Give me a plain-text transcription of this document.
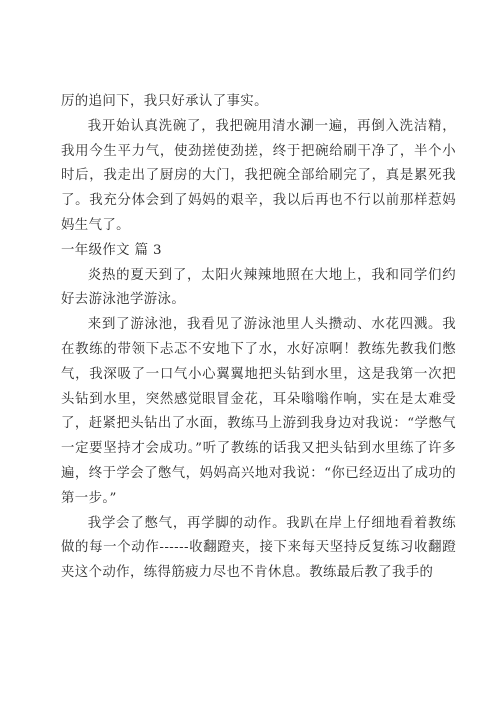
厉的追问下，我只好承认了事实。

我开始认真洗碗了，我把碗用清水涮一遍，再倒入洗洁精，我用今生平力气，使劲搓使劲搓，终于把碗给刷干净了，半个小时后，我走出了厨房的大门，我把碗全部给刷完了，真是累死我了。我充分体会到了妈妈的艰辛，我以后再也不行以前那样惹妈妈生气了。

一年级作文 篇 3

炎热的夏天到了，太阳火辣辣地照在大地上，我和同学们约好去游泳池学游泳。

来到了游泳池，我看见了游泳池里人头攒动、水花四溅。我在教练的带领下忐忑不安地下了水，水好凉啊！教练先教我们憋气，我深吸了一口气小心翼翼地把头钻到水里，这是我第一次把头钻到水里，突然感觉眼冒金花，耳朵嗡嗡作响，实在是太难受了，赶紧把头钻出了水面，教练马上游到我身边对我说：“学憋气一定要坚持才会成功。”听了教练的话我又把头钻到水里练了许多遍，终于学会了憋气，妈妈高兴地对我说：“你已经迈出了成功的第一步。”

我学会了憋气，再学脚的动作。我趴在岸上仔细地看着教练做的每一个动作------收翻蹬夹，接下来每天坚持反复练习收翻蹬夹这个动作，练得筋疲力尽也不肯休息。教练最后教了我手的
